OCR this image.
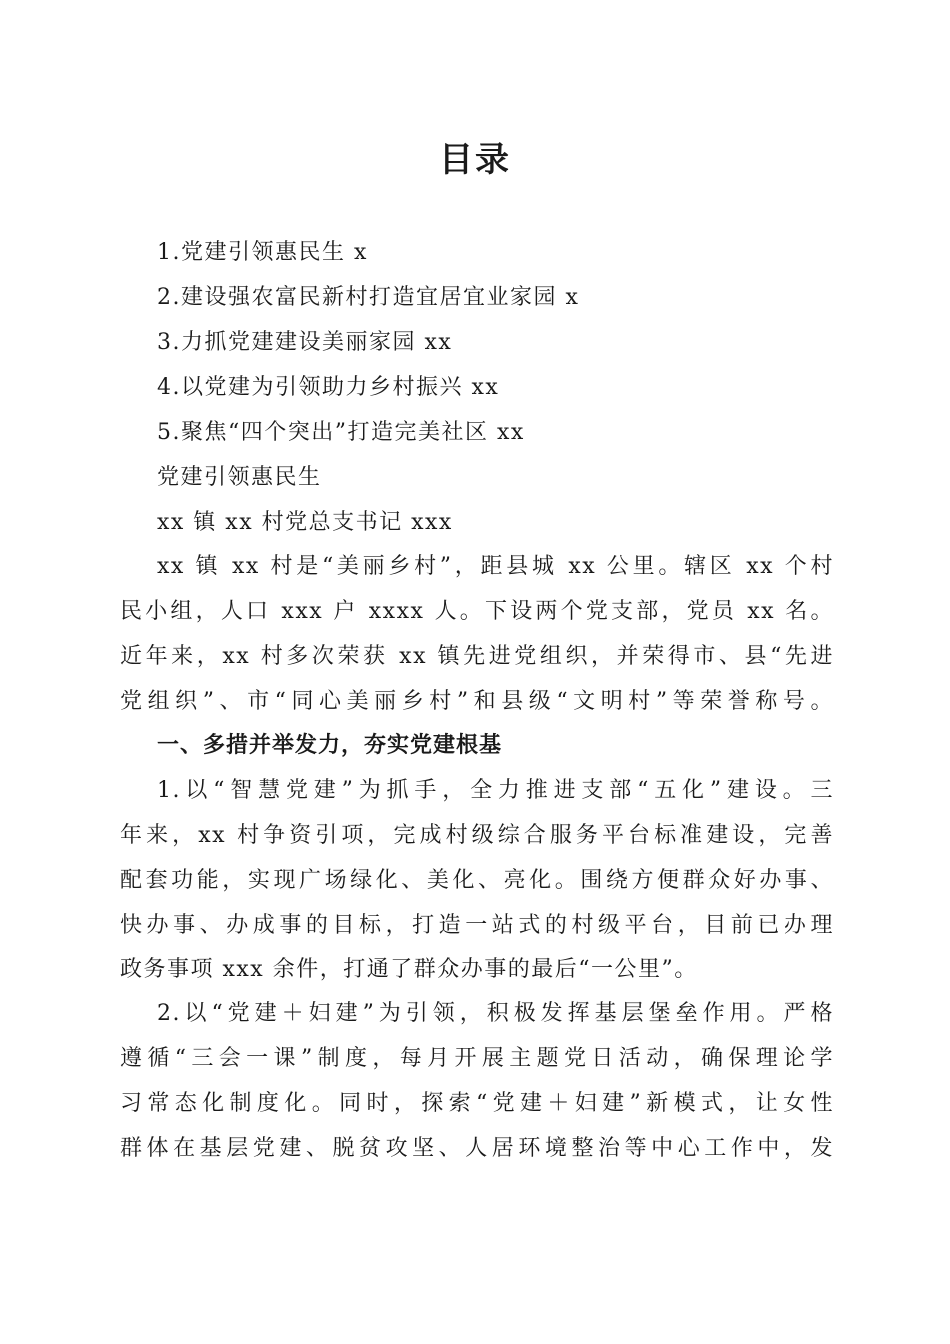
目录
1.党建引领惠民生 x
2.建设强农富民新村打造宜居宜业家园 x
3.力抓党建建设美丽家园 xx
4.以党建为引领助力乡村振兴 xx
5.聚焦“四个突出”打造完美社区 xx
党建引领惠民生
xx 镇 xx 村党总支书记 xxx
xx 镇 xx 村是“美丽乡村”，距县城 xx 公里。辖区 xx 个村
民小组，人口 xxx 户 xxxx 人。下设两个党支部，党员 xx 名。
近年来，xx 村多次荣获 xx 镇先进党组织，并荣得市、县“先进
党组织”、市“同心美丽乡村”和县级“文明村”等荣誉称号。
一、多措并举发力，夯实党建根基
1.以“智慧党建”为抓手，全力推进支部“五化”建设。三
年来，xx 村争资引项，完成村级综合服务平台标准建设，完善
配套功能，实现广场绿化、美化、亮化。围绕方便群众好办事、
快办事、办成事的目标，打造一站式的村级平台，目前已办理
政务事项 xxx 余件，打通了群众办事的最后“一公里”。
2.以“党建＋妇建”为引领，积极发挥基层堡垒作用。严格
遵循“三会一课”制度，每月开展主题党日活动，确保理论学
习常态化制度化。同时，探索“党建＋妇建”新模式，让女性
群体在基层党建、脱贫攻坚、人居环境整治等中心工作中，发
